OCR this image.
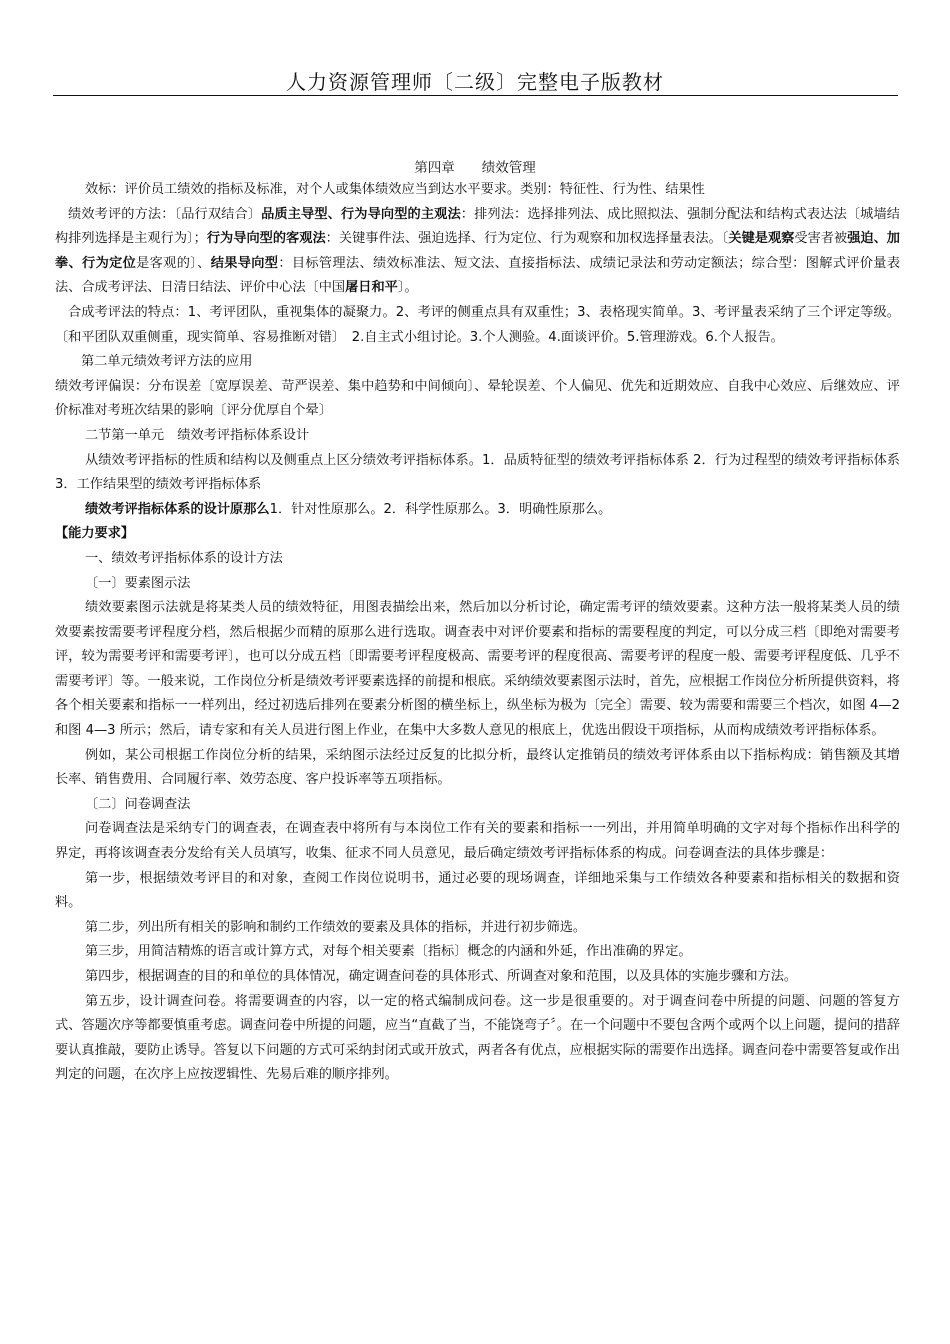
人力资源管理师〔二级〕完整电子版教材
第四章　　绩效管理

效标：评价员工绩效的指标及标准，对个人或集体绩效应当到达水平要求。类别：特征性、行为性、结果性

绩效考评的方法：〔品行双结合〕品质主导型、行为导向型的主观法：排列法：选择排列法、成比照拟法、强制分配法和结构式表达法〔城墙结构排列选择是主观行为〕；行为导向型的客观法：关键事件法、强迫选择、行为定位、行为观察和加权选择量表法。〔关键是观察受害者被强迫、加拳、行为定位是客观的〕、结果导向型：目标管理法、绩效标准法、短文法、直接指标法、成绩记录法和劳动定额法；综合型：图解式评价量表法、合成考评法、日清日结法、评价中心法〔中国屠日和平〕。

合成考评法的特点：1、考评团队，重视集体的凝聚力。2、考评的侧重点具有双重性；3、表格现实简单。3、考评量表采纳了三个评定等级。〔和平团队双重侧重，现实简单、容易推断对错〕　2.自主式小组讨论。3.个人测验。4.面谈评价。5.管理游戏。6.个人报告。

第二单元绩效考评方法的应用

绩效考评偏误：分布误差〔宽厚误差、苛严误差、集中趋势和中间倾向〕、晕轮误差、个人偏见、优先和近期效应、自我中心效应、后继效应、评价标准对考班次结果的影响〔评分优厚自个晕〕

二节第一单元　绩效考评指标体系设计

从绩效考评指标的性质和结构以及侧重点上区分绩效考评指标体系。1．品质特征型的绩效考评指标体系 2．行为过程型的绩效考评指标体系 3．工作结果型的绩效考评指标体系

绩效考评指标体系的设计原那么1．针对性原那么。2．科学性原那么。3．明确性原那么。

【能力要求】

一、绩效考评指标体系的设计方法

〔一〕要素图示法

绩效要素图示法就是将某类人员的绩效特征，用图表描绘出来，然后加以分析讨论，确定需考评的绩效要素。这种方法一般将某类人员的绩效要素按需要考评程度分档，然后根据少而精的原那么进行选取。调查表中对评价要素和指标的需要程度的判定，可以分成三档〔即绝对需要考评，较为需要考评和需要考评〕，也可以分成五档〔即需要考评程度极高、需要考评的程度很高、需要考评的程度一般、需要考评程度低、几乎不需要考评〕等。一般来说，工作岗位分析是绩效考评要素选择的前提和根底。采纳绩效要素图示法时，首先，应根据工作岗位分析所提供资料，将各个相关要素和指标一一样列出，经过初选后排列在要素分析图的横坐标上，纵坐标为极为〔完全〕需要、较为需要和需要三个档次，如图 4—2 和图 4—3 所示；然后，请专家和有关人员进行图上作业，在集中大多数人意见的根底上，优选出假设干项指标，从而构成绩效考评指标体系。

例如，某公司根据工作岗位分析的结果，采纳图示法经过反复的比拟分析，最终认定推销员的绩效考评体系由以下指标构成：销售额及其增长率、销售费用、合同履行率、效劳态度、客户投诉率等五项指标。

〔二〕问卷调查法

问卷调查法是采纳专门的调查表，在调查表中将所有与本岗位工作有关的要素和指标一一列出，并用简单明确的文字对每个指标作出科学的界定，再将该调查表分发给有关人员填写，收集、征求不同人员意见，最后确定绩效考评指标体系的构成。问卷调查法的具体步骤是：

第一步，根据绩效考评目的和对象，查阅工作岗位说明书，通过必要的现场调查，详细地采集与工作绩效各种要素和指标相关的数据和资料。

第二步，列出所有相关的影响和制约工作绩效的要素及具体的指标，并进行初步筛选。

第三步，用简洁精炼的语言或计算方式，对每个相关要素〔指标〕概念的内涵和外延，作出准确的界定。

第四步，根据调查的目的和单位的具体情况，确定调查问卷的具体形式、所调查对象和范围，以及具体的实施步骤和方法。

第五步，设计调查问卷。将需要调查的内容，以一定的格式编制成问卷。这一步是很重要的。对于调查问卷中所提的问题、问题的答复方式、答题次序等都要慎重考虑。调查问卷中所提的问题，应当“直截了当，不能饶弯子〞。在一个问题中不要包含两个或两个以上问题，提问的措辞要认真推敲，要防止诱导。答复以下问题的方式可采纳封闭式或开放式，两者各有优点，应根据实际的需要作出选择。调查问卷中需要答复或作出判定的问题，在次序上应按逻辑性、先易后难的顺序排列。
